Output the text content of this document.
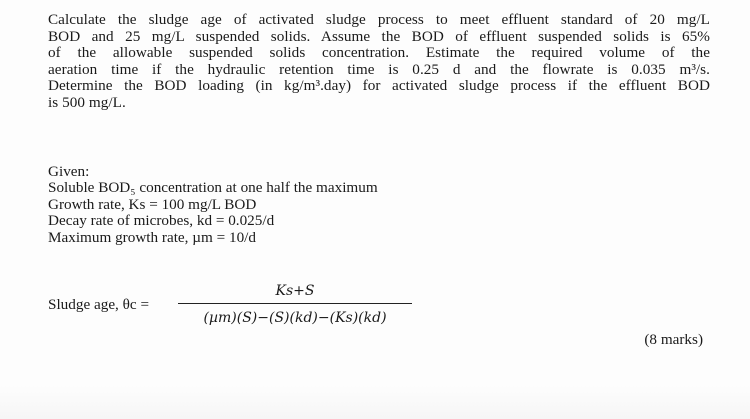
Calculate the sludge age of activated sludge process to meet effluent standard of 20 mg/L
BOD and 25 mg/L suspended solids. Assume the BOD of effluent suspended solids is 65%
of the allowable suspended solids concentration. Estimate the required volume of the
aeration time if the hydraulic retention time is 0.25 d and the flowrate is 0.035 m³/s.
Determine the BOD loading (in kg/m³.day) for activated sludge process if the effluent BOD
is 500 mg/L.
Given:
Soluble BOD₅ concentration at one half the maximum
Growth rate, Ks = 100 mg/L BOD
Decay rate of microbes, kd = 0.025/d
Maximum growth rate, µm = 10/d
Sludge age, θc =
Ks+S
(µm)(S)−(S)(kd)−(Ks)(kd)
(8 marks)
